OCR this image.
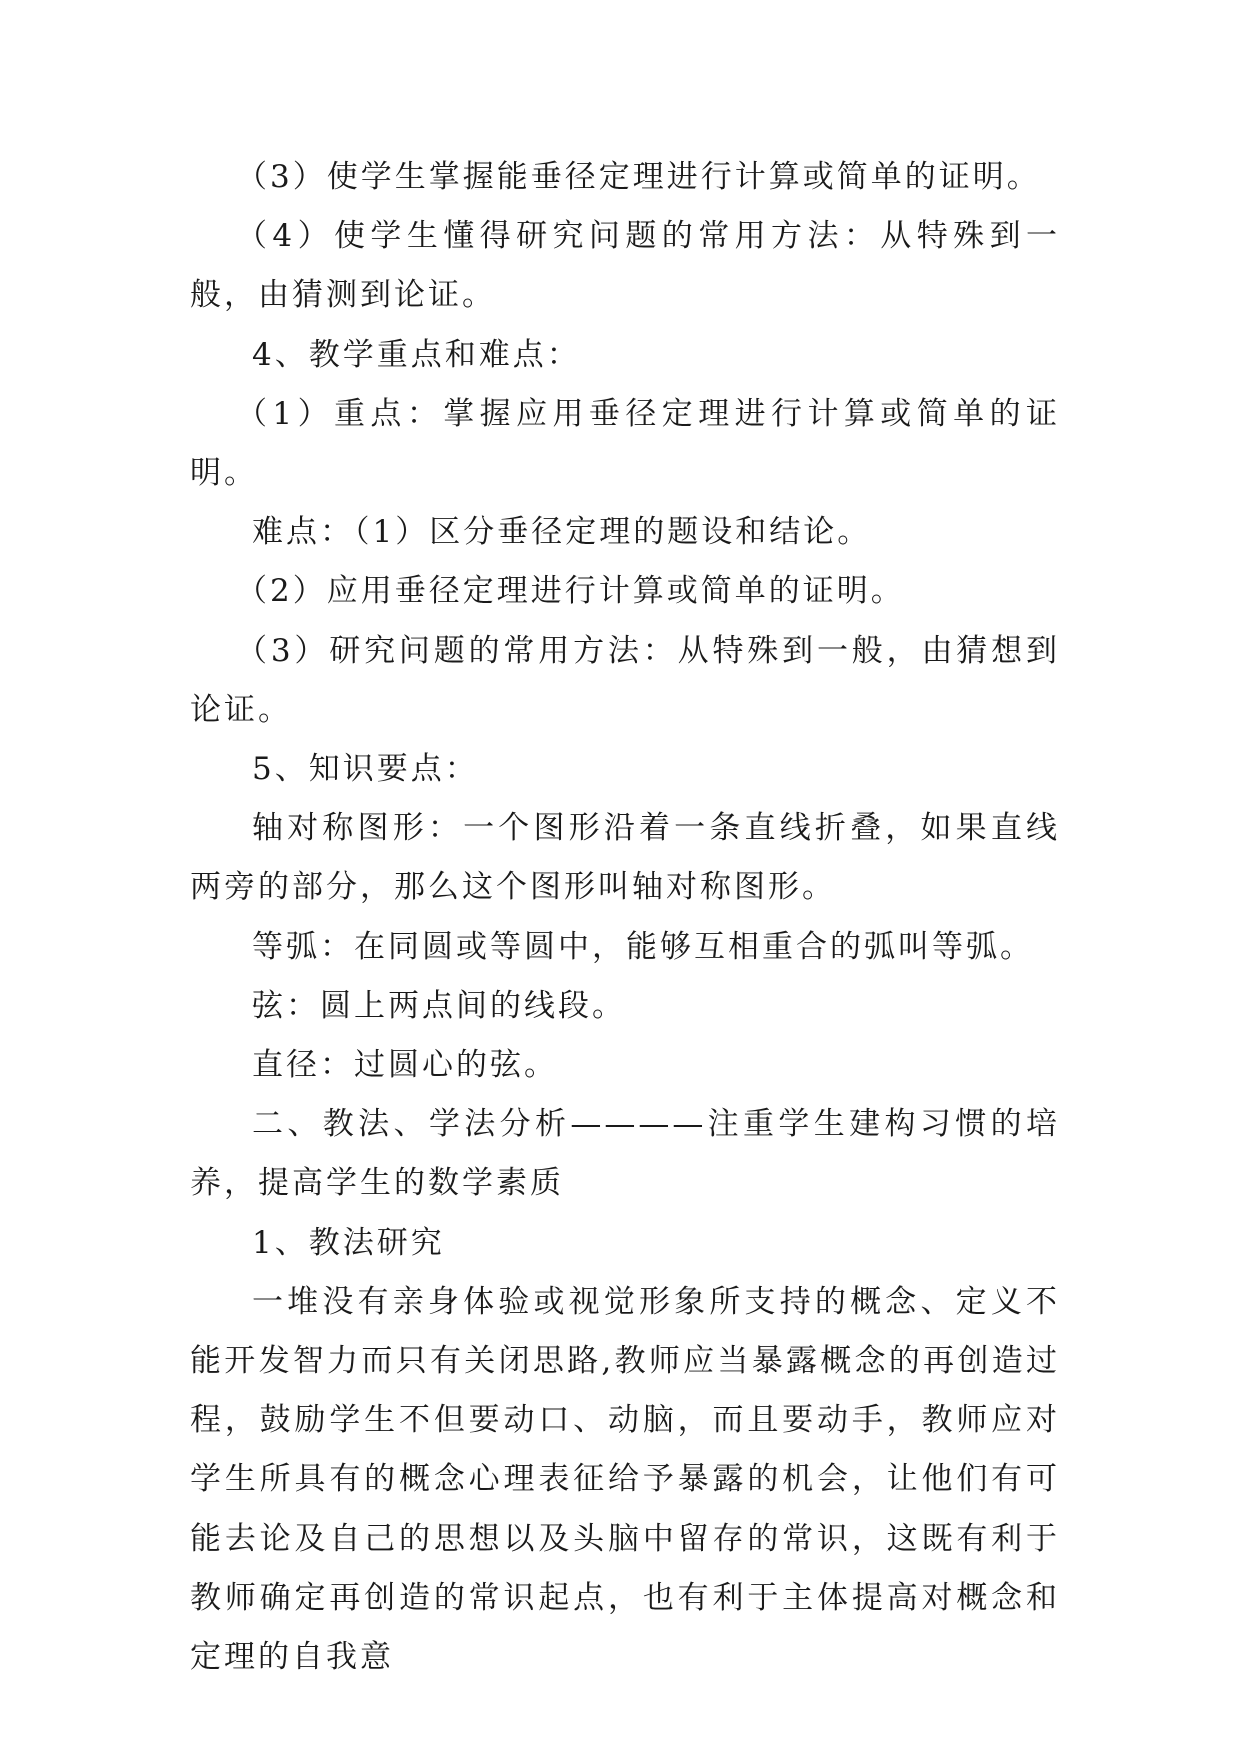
（3）使学生掌握能垂径定理进行计算或简单的证明。

（4）使学生懂得研究问题的常用方法：从特殊到一般，由猜测到论证。

4、教学重点和难点：

（1）重点：掌握应用垂径定理进行计算或简单的证明。

难点：（1）区分垂径定理的题设和结论。

（2）应用垂径定理进行计算或简单的证明。

（3）研究问题的常用方法：从特殊到一般，由猜想到论证。

5、知识要点：

轴对称图形：一个图形沿着一条直线折叠，如果直线两旁的部分，那么这个图形叫轴对称图形。

等弧：在同圆或等圆中，能够互相重合的弧叫等弧。

弦：圆上两点间的线段。

直径：过圆心的弦。

二、教法、学法分析————注重学生建构习惯的培养，提高学生的数学素质

1、教法研究

一堆没有亲身体验或视觉形象所支持的概念、定义不能开发智力而只有关闭思路,教师应当暴露概念的再创造过程，鼓励学生不但要动口、动脑，而且要动手，教师应对学生所具有的概念心理表征给予暴露的机会，让他们有可能去论及自己的思想以及头脑中留存的常识，这既有利于教师确定再创造的常识起点，也有利于主体提高对概念和定理的自我意
